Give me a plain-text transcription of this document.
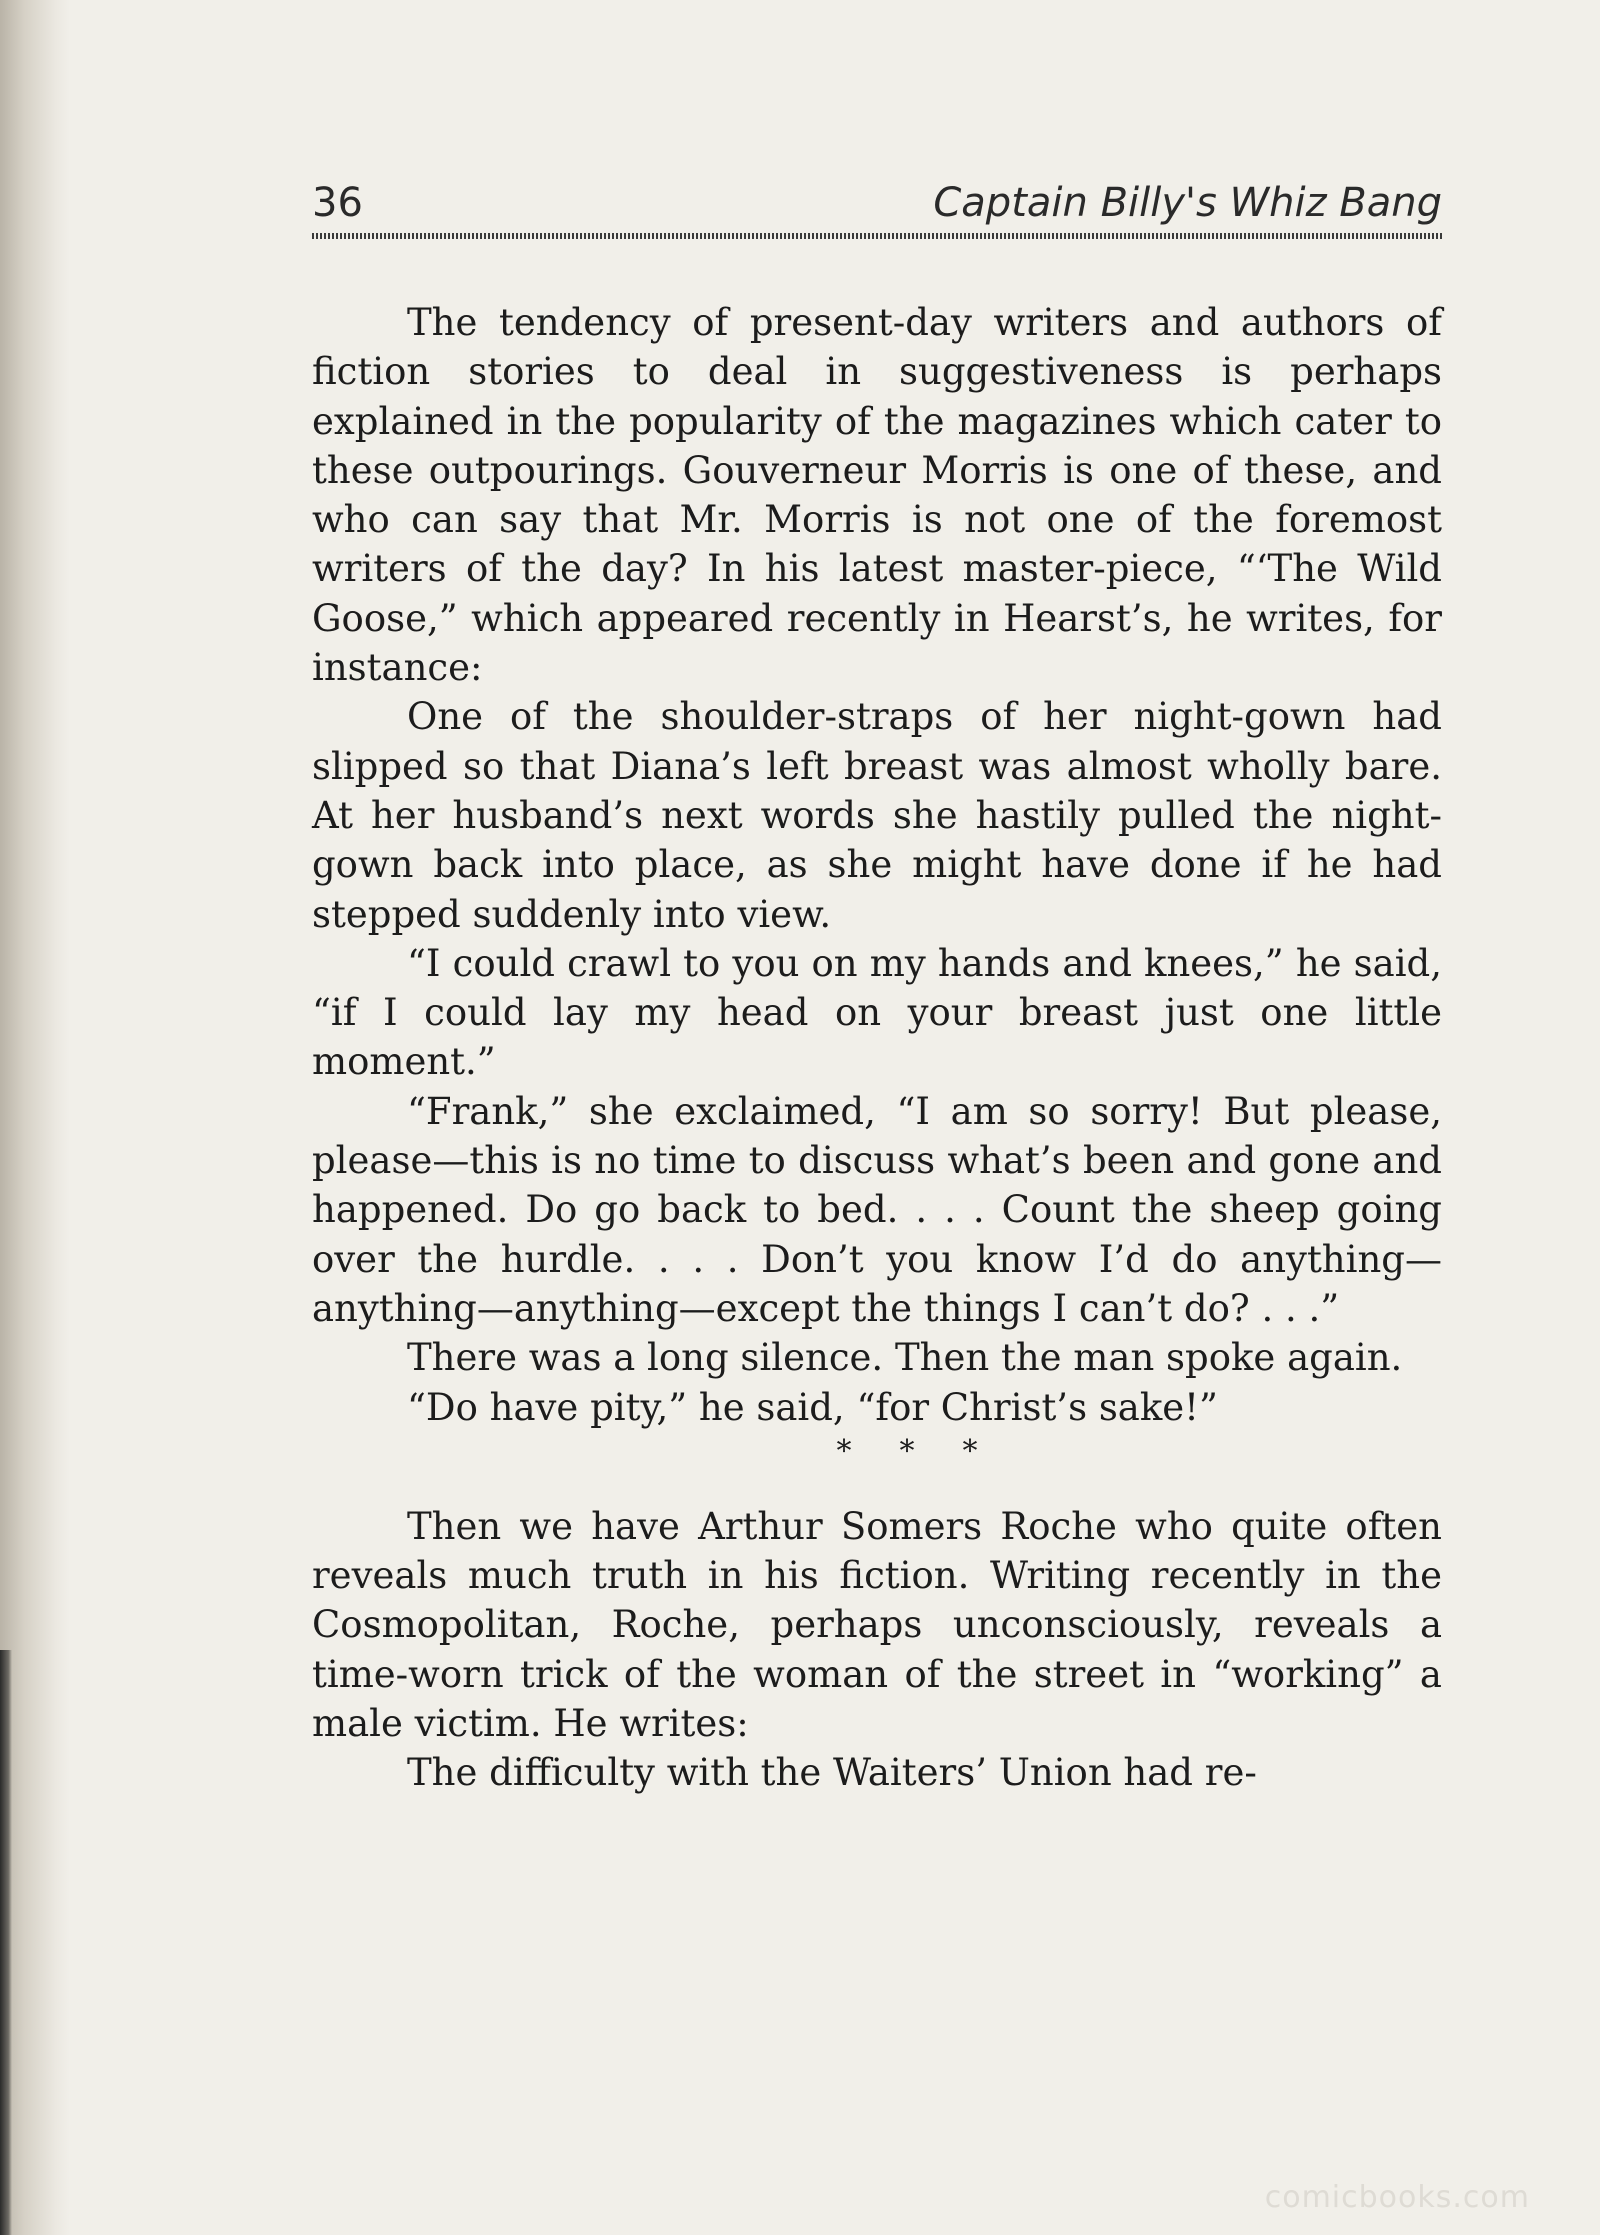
36	Captain Billy's Whiz Bang

The tendency of present-day writers and authors of fiction stories to deal in suggestiveness is perhaps explained in the popularity of the magazines which cater to these outpourings. Gouverneur Morris is one of these, and who can say that Mr. Morris is not one of the foremost writers of the day? In his latest master-piece, “‘The Wild Goose,” which appeared recently in Hearst’s, he writes, for instance:

One of the shoulder-straps of her night-gown had slipped so that Diana’s left breast was almost wholly bare. At her husband’s next words she hastily pulled the night-gown back into place, as she might have done if he had stepped suddenly into view.

“I could crawl to you on my hands and knees,” he said, “if I could lay my head on your breast just one little moment.”

“Frank,” she exclaimed, “I am so sorry! But please, please—this is no time to discuss what’s been and gone and happened. Do go back to bed. . . . Count the sheep going over the hurdle. . . . Don’t you know I’d do anything—anything—anything—except the things I can’t do? . . .”

There was a long silence. Then the man spoke again.

“Do have pity,” he said, “for Christ’s sake!”

* * *

Then we have Arthur Somers Roche who quite often reveals much truth in his fiction. Writing recently in the Cosmopolitan, Roche, perhaps unconsciously, reveals a time-worn trick of the woman of the street in “working” a male victim. He writes:

The difficulty with the Waiters’ Union had re-

comicbooks.com
